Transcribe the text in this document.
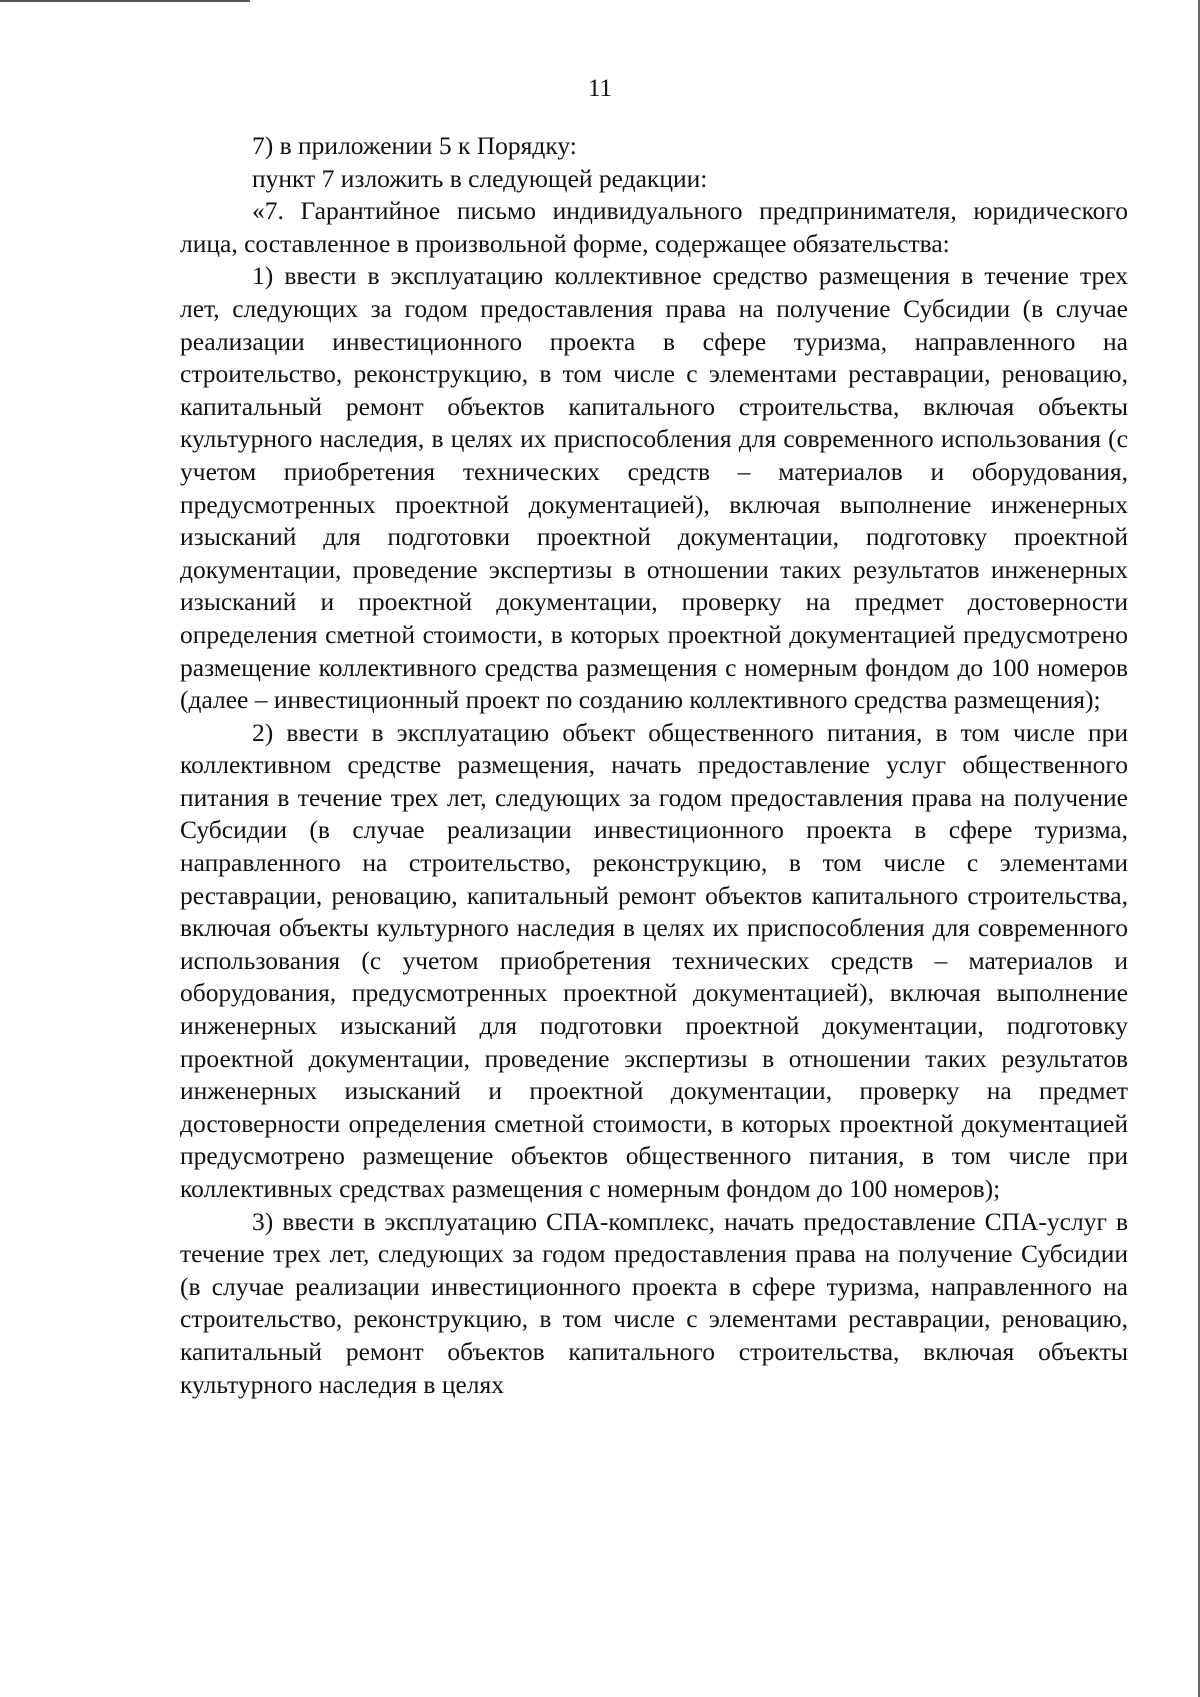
11

7) в приложении 5 к Порядку:

пункт 7 изложить в следующей редакции:

«7. Гарантийное письмо индивидуального предпринимателя, юридического лица, составленное в произвольной форме, содержащее обязательства:

1) ввести в эксплуатацию коллективное средство размещения в течение трех лет, следующих за годом предоставления права на получение Субсидии (в случае реализации инвестиционного проекта в сфере туризма, направленного на строительство, реконструкцию, в том числе с элементами реставрации, реновацию, капитальный ремонт объектов капитального строительства, включая объекты культурного наследия, в целях их приспособления для современного использования (с учетом приобретения технических средств – материалов и оборудования, предусмотренных проектной документацией), включая выполнение инженерных изысканий для подготовки проектной документации, подготовку проектной документации, проведение экспертизы в отношении таких результатов инженерных изысканий и проектной документации, проверку на предмет достоверности определения сметной стоимости, в которых проектной документацией предусмотрено размещение коллективного средства размещения с номерным фондом до 100 номеров (далее – инвестиционный проект по созданию коллективного средства размещения);

2) ввести в эксплуатацию объект общественного питания, в том числе при коллективном средстве размещения, начать предоставление услуг общественного питания в течение трех лет, следующих за годом предоставления права на получение Субсидии (в случае реализации инвестиционного проекта в сфере туризма, направленного на строительство, реконструкцию, в том числе с элементами реставрации, реновацию, капитальный ремонт объектов капитального строительства, включая объекты культурного наследия в целях их приспособления для современного использования (с учетом приобретения технических средств – материалов и оборудования, предусмотренных проектной документацией), включая выполнение инженерных изысканий для подготовки проектной документации, подготовку проектной документации, проведение экспертизы в отношении таких результатов инженерных изысканий и проектной документации, проверку на предмет достоверности определения сметной стоимости, в которых проектной документацией предусмотрено размещение объектов общественного питания, в том числе при коллективных средствах размещения с номерным фондом до 100 номеров);

3) ввести в эксплуатацию СПА-комплекс, начать предоставление СПА-услуг в течение трех лет, следующих за годом предоставления права на получение Субсидии (в случае реализации инвестиционного проекта в сфере туризма, направленного на строительство, реконструкцию, в том числе с элементами реставрации, реновацию, капитальный ремонт объектов капитального строительства, включая объекты культурного наследия в целях
